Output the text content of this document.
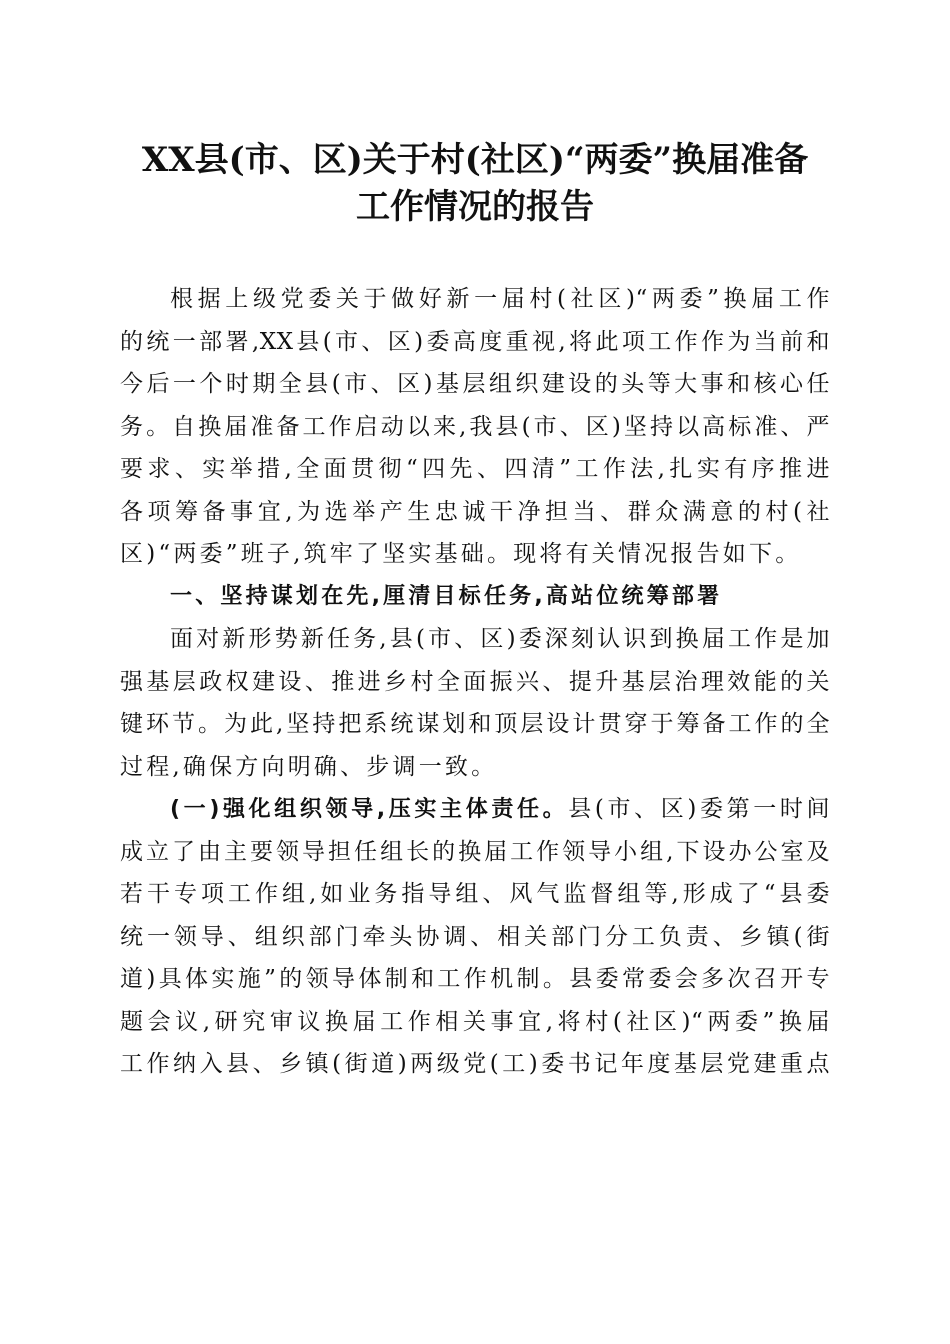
XX县(市、区)关于村(社区)“两委”换届准备
工作情况的报告
根据上级党委关于做好新一届村(社区)“两委”换届工作
的统一部署,XX县(市、区)委高度重视,将此项工作作为当前和
今后一个时期全县(市、区)基层组织建设的头等大事和核心任
务。自换届准备工作启动以来,我县(市、区)坚持以高标准、严
要求、实举措,全面贯彻“四先、四清”工作法,扎实有序推进
各项筹备事宜,为选举产生忠诚干净担当、群众满意的村(社
区)“两委”班子,筑牢了坚实基础。现将有关情况报告如下。
一、坚持谋划在先,厘清目标任务,高站位统筹部署
面对新形势新任务,县(市、区)委深刻认识到换届工作是加
强基层政权建设、推进乡村全面振兴、提升基层治理效能的关
键环节。为此,坚持把系统谋划和顶层设计贯穿于筹备工作的全
过程,确保方向明确、步调一致。
(一)强化组织领导,压实主体责任。县(市、区)委第一时间
成立了由主要领导担任组长的换届工作领导小组,下设办公室及
若干专项工作组,如业务指导组、风气监督组等,形成了“县委
统一领导、组织部门牵头协调、相关部门分工负责、乡镇(街
道)具体实施”的领导体制和工作机制。县委常委会多次召开专
题会议,研究审议换届工作相关事宜,将村(社区)“两委”换届
工作纳入县、乡镇(街道)两级党(工)委书记年度基层党建重点
